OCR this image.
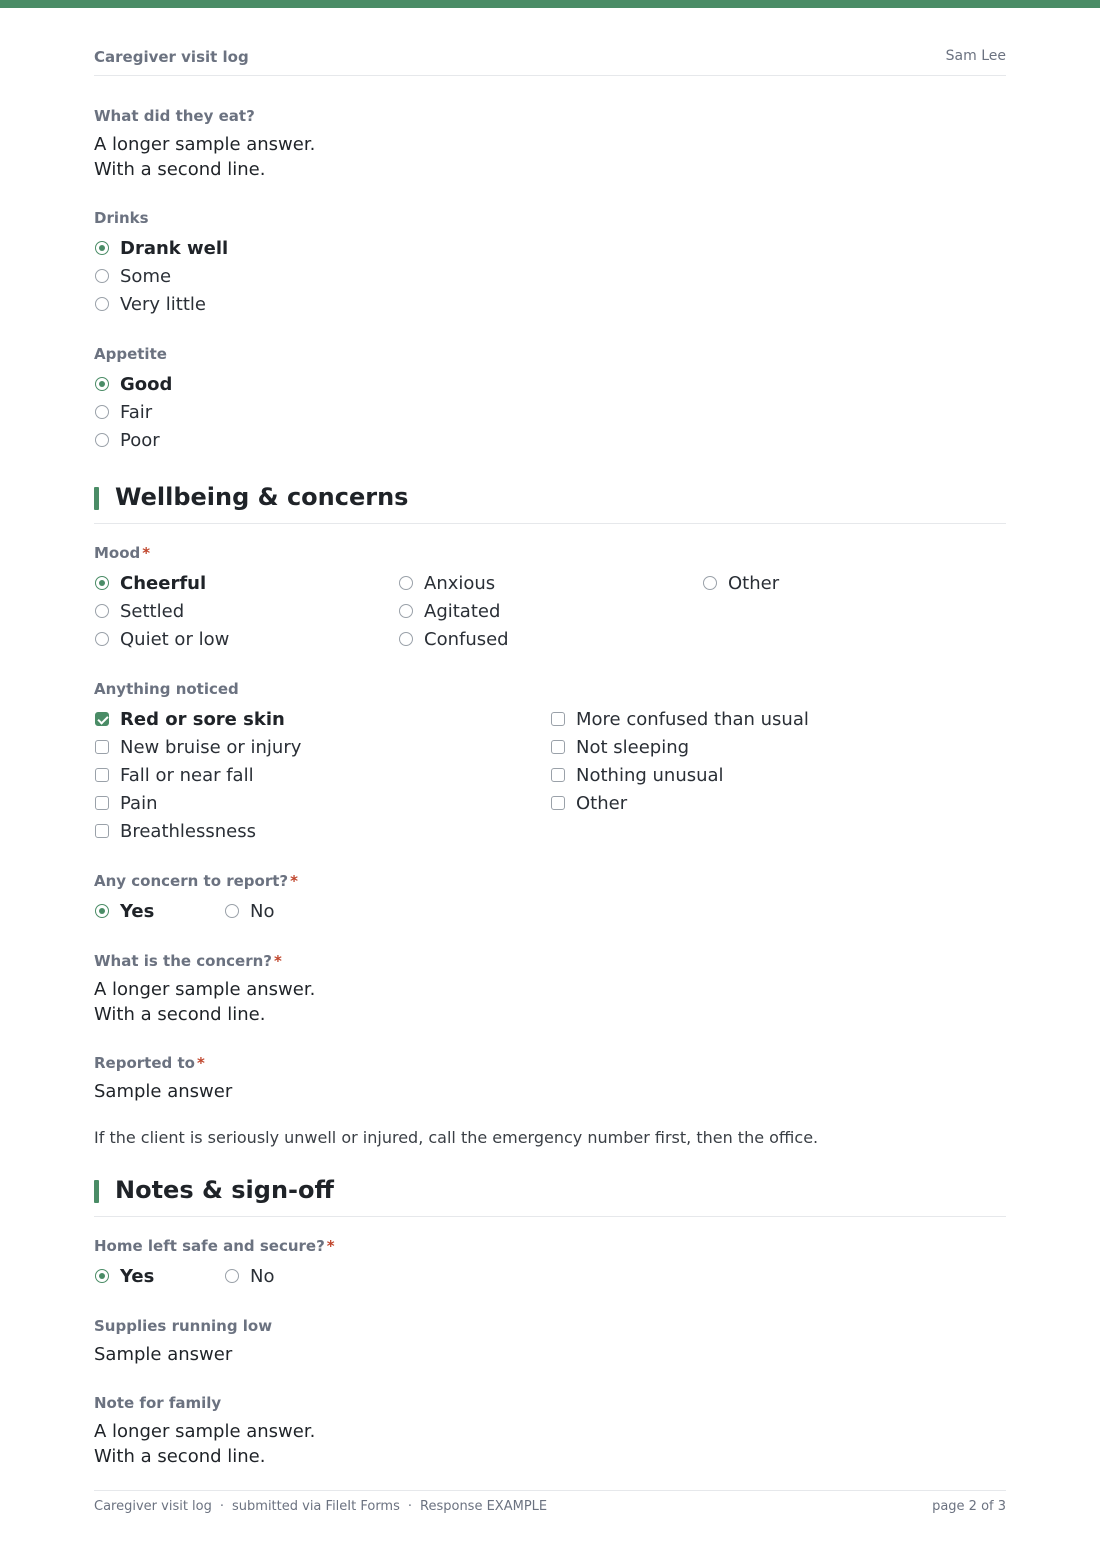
Caregiver visit log	Sam Lee
What did they eat?
A longer sample answer.
With a second line.
Drinks
Drank well
Some
Very little
Appetite
Good
Fair
Poor
Wellbeing & concerns
Mood *
Cheerful
Settled
Quiet or low
Anxious
Agitated
Confused
Other
Anything noticed
Red or sore skin
New bruise or injury
Fall or near fall
Pain
Breathlessness
More confused than usual
Not sleeping
Nothing unusual
Other
Any concern to report? *
Yes	No
What is the concern? *
A longer sample answer.
With a second line.
Reported to *
Sample answer
If the client is seriously unwell or injured, call the emergency number first, then the office.
Notes & sign-off
Home left safe and secure? *
Yes	No
Supplies running low
Sample answer
Note for family
A longer sample answer.
With a second line.
Caregiver visit log · submitted via FileIt Forms · Response EXAMPLE	page 2 of 3
